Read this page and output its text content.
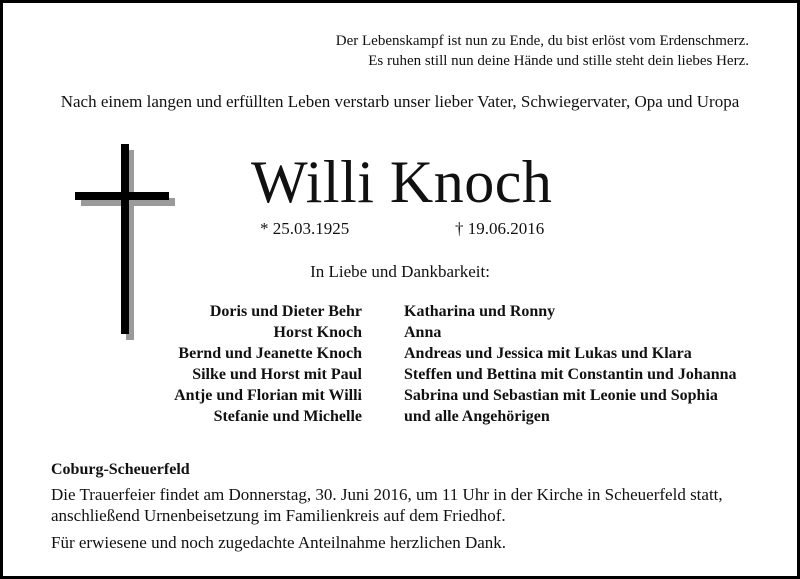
Der Lebenskampf ist nun zu Ende, du bist erlöst vom Erdenschmerz.
Es ruhen still nun deine Hände und stille steht dein liebes Herz.
Nach einem langen und erfüllten Leben verstarb unser lieber Vater, Schwiegervater, Opa und Uropa
Willi Knoch
* 25.03.1925	† 19.06.2016
In Liebe und Dankbarkeit:
Doris und Dieter Behr
Horst Knoch
Bernd und Jeanette Knoch
Silke und Horst mit Paul
Antje und Florian mit Willi
Stefanie und Michelle
Katharina und Ronny
Anna
Andreas und Jessica mit Lukas und Klara
Steffen und Bettina mit Constantin und Johanna
Sabrina und Sebastian mit Leonie und Sophia
und alle Angehörigen
Coburg-Scheuerfeld
Die Trauerfeier findet am Donnerstag, 30. Juni 2016, um 11 Uhr in der Kirche in Scheuerfeld statt,
anschließend Urnenbeisetzung im Familienkreis auf dem Friedhof.
Für erwiesene und noch zugedachte Anteilnahme herzlichen Dank.
